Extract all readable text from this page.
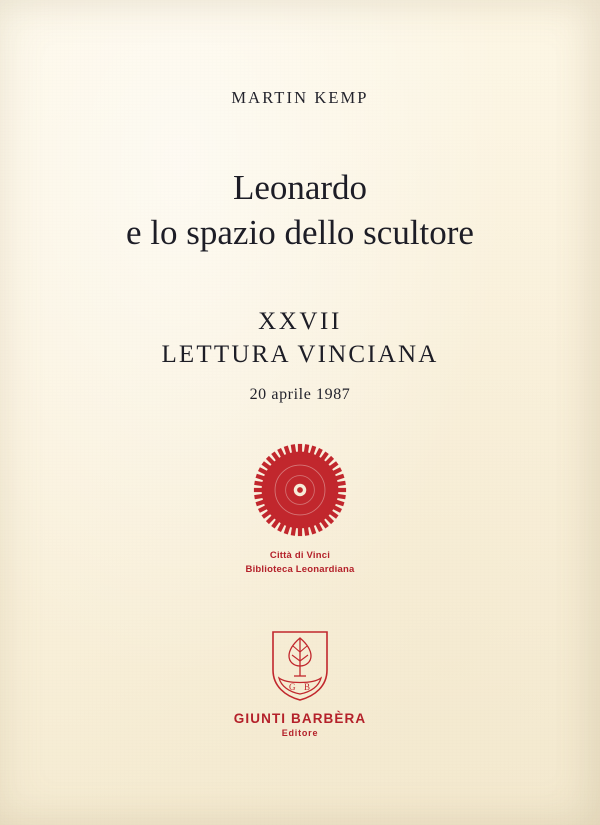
MARTIN KEMP
Leonardo
e lo spazio dello scultore
XXVII
LETTURA VINCIANA
20 aprile 1987
Città di Vinci
Biblioteca Leonardiana
G B
GIUNTI BARBÈRA
Editore
